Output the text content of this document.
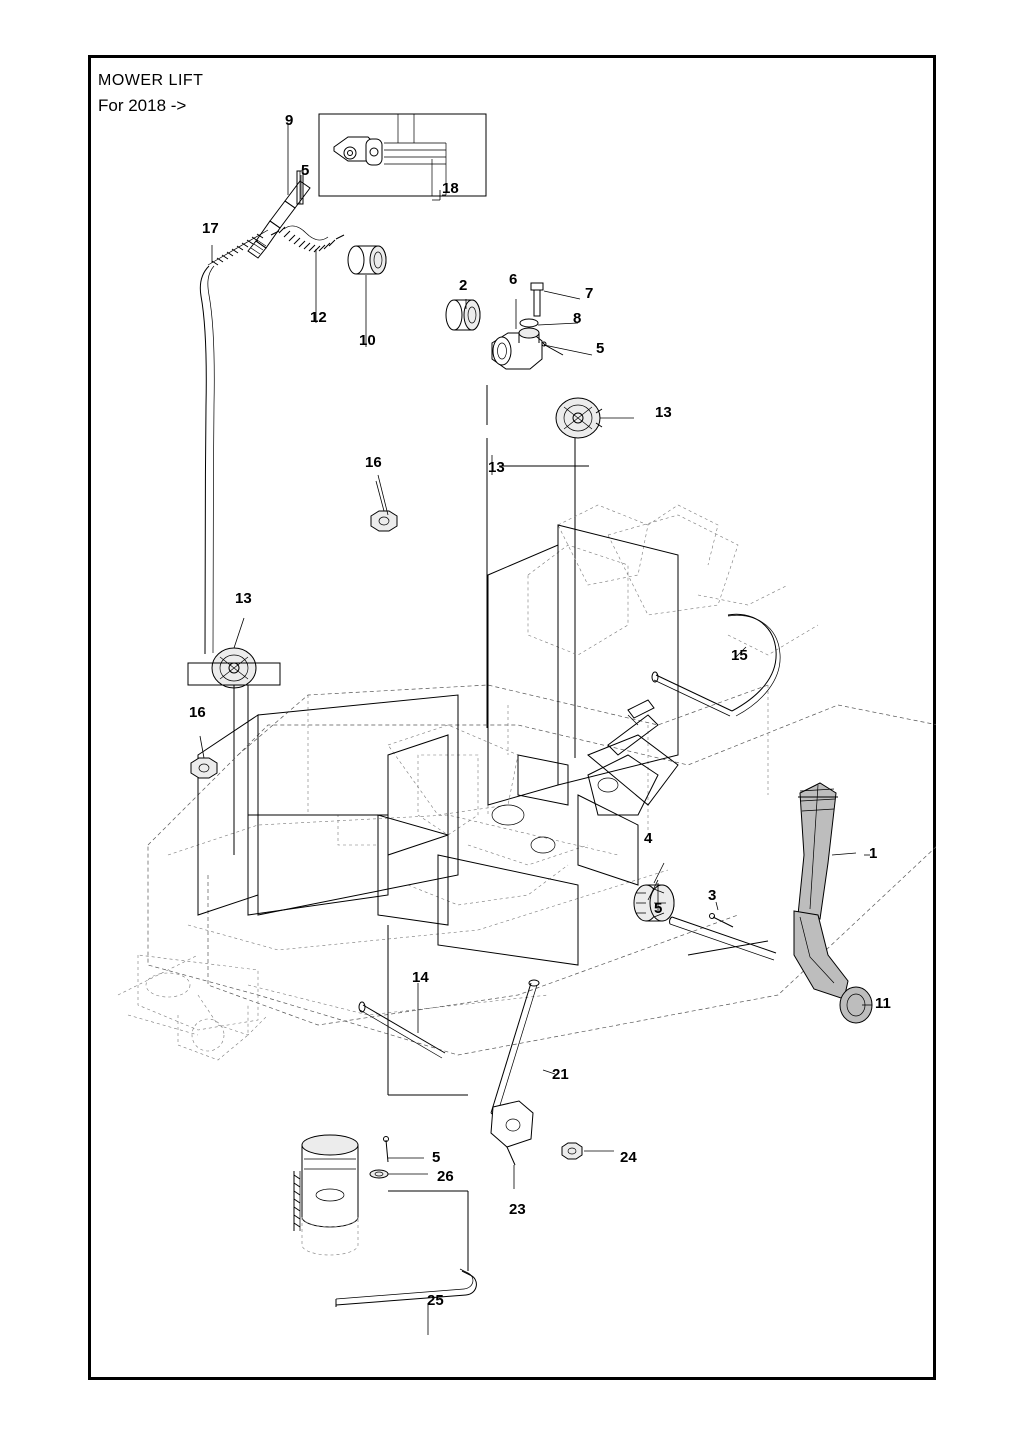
MOWER LIFT
For 2018 ->
9
5
18
17
12
10
2	6
7
8
5
13
16	13
15
13
16
4
1
5
3
11
14
21
5
26
24
23
25
